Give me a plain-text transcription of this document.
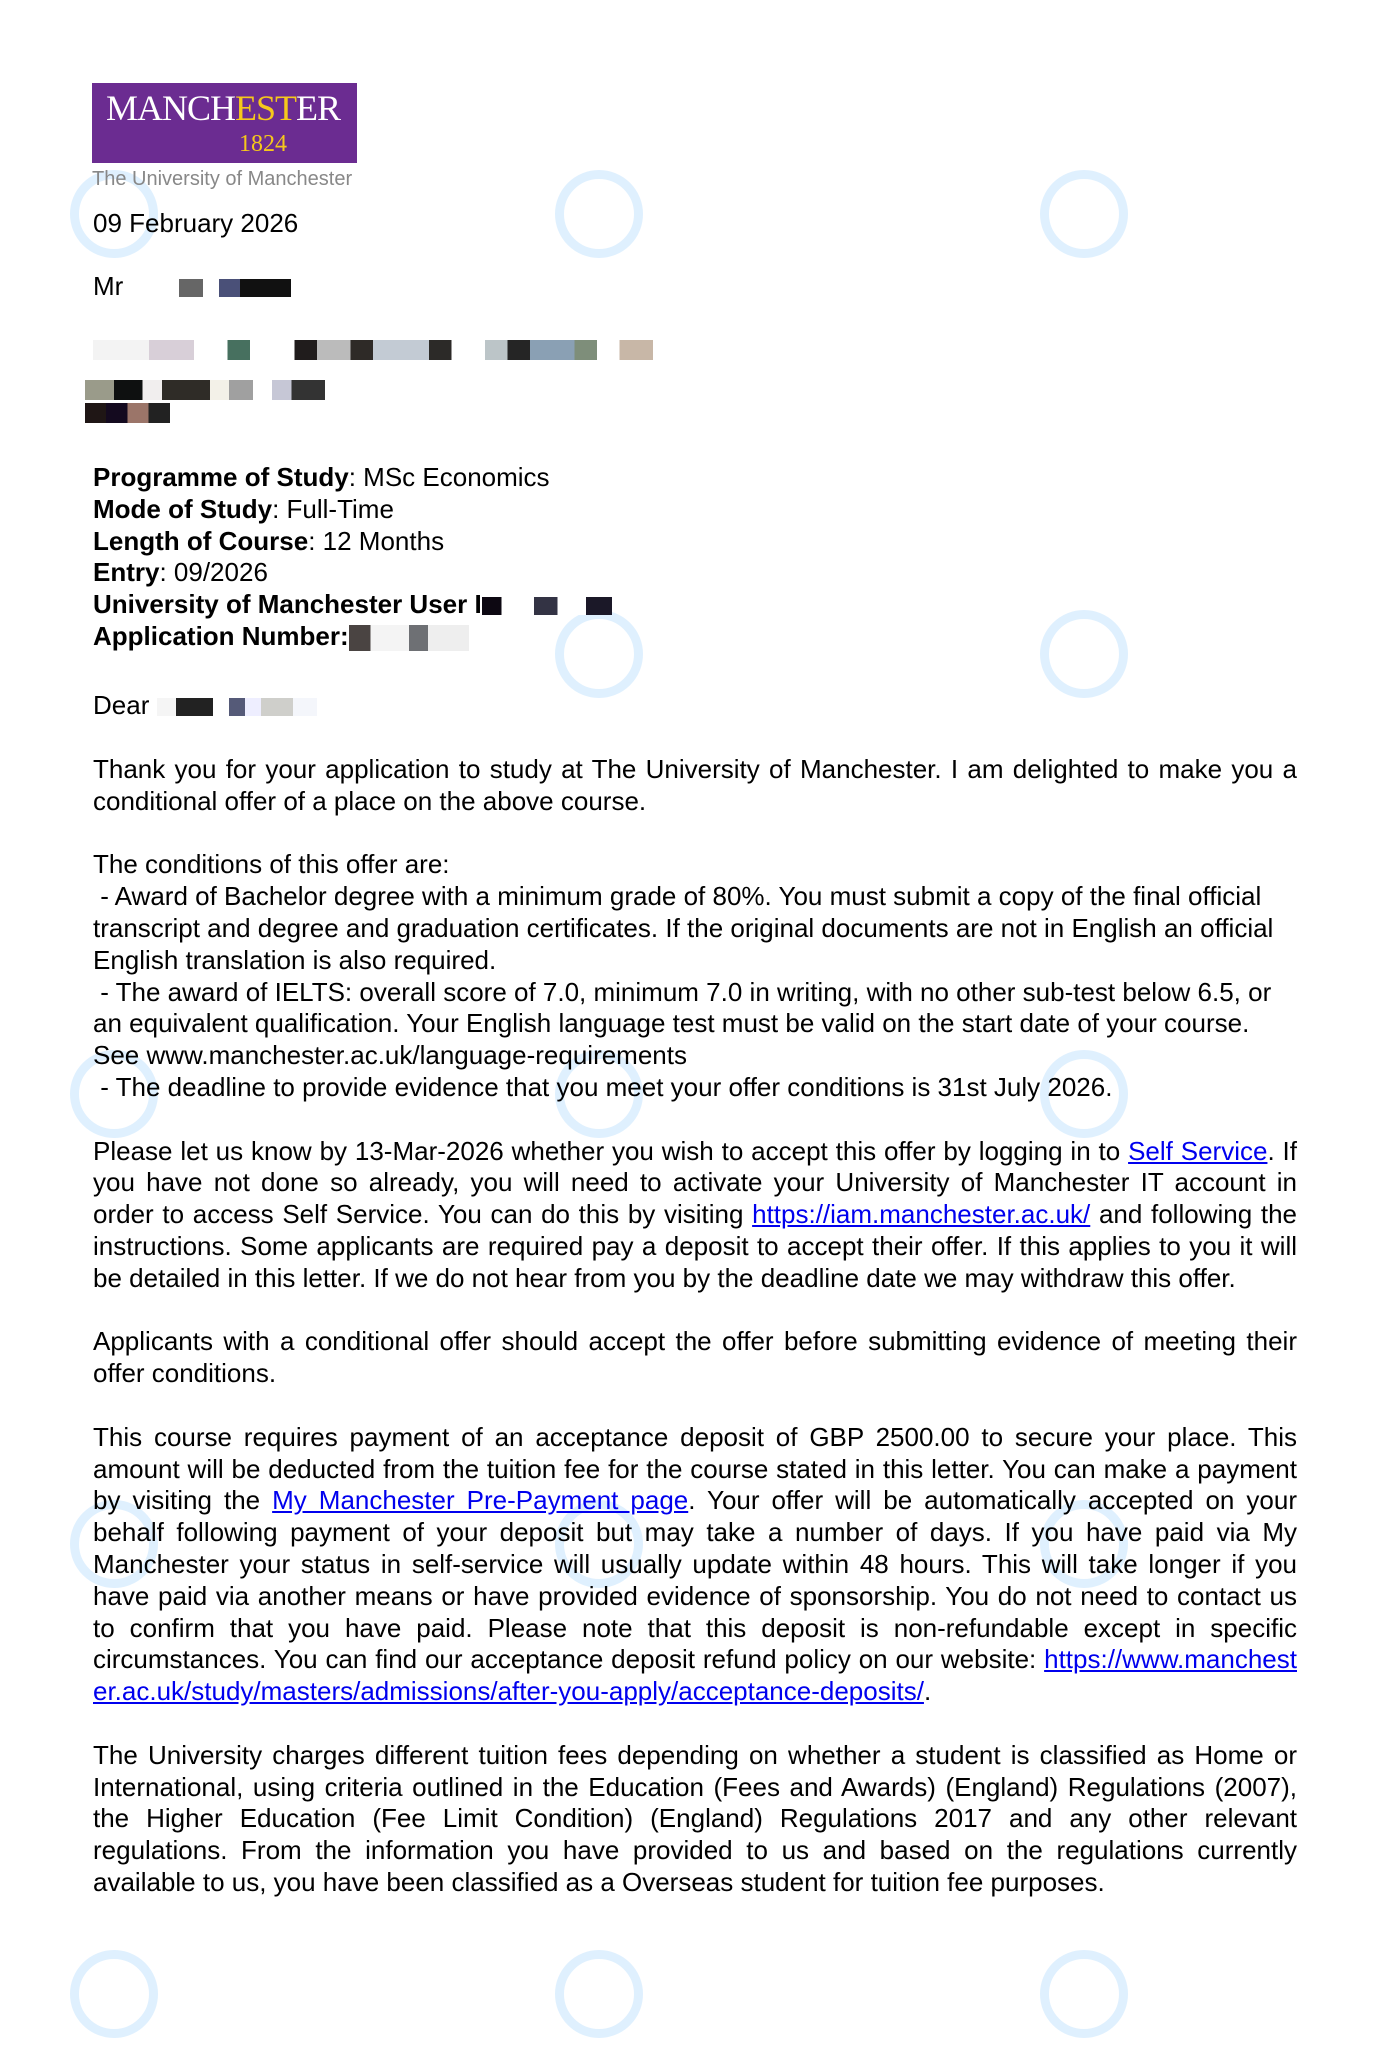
MANCHESTER
1824
The University of Manchester
09 February 2026
Mr
Programme of Study: MSc Economics
Mode of Study: Full-Time
Length of Course: 12 Months
Entry: 09/2026
University of Manchester User I
Application Number:
Dear

Thank you for your application to study at The University of Manchester. I am delighted to make you a conditional offer of a place on the above course.

The conditions of this offer are:
- Award of Bachelor degree with a minimum grade of 80%. You must submit a copy of the final official transcript and degree and graduation certificates. If the original documents are not in English an official English translation is also required.
- The award of IELTS: overall score of 7.0, minimum 7.0 in writing, with no other sub-test below 6.5, or an equivalent qualification. Your English language test must be valid on the start date of your course. See www.manchester.ac.uk/language-requirements
- The deadline to provide evidence that you meet your offer conditions is 31st July 2026.

Please let us know by 13-Mar-2026 whether you wish to accept this offer by logging in to Self Service. If you have not done so already, you will need to activate your University of Manchester IT account in order to access Self Service. You can do this by visiting https://iam.manchester.ac.uk/ and following the instructions. Some applicants are required pay a deposit to accept their offer. If this applies to you it will be detailed in this letter. If we do not hear from you by the deadline date we may withdraw this offer.

Applicants with a conditional offer should accept the offer before submitting evidence of meeting their offer conditions.

This course requires payment of an acceptance deposit of GBP 2500.00 to secure your place. This amount will be deducted from the tuition fee for the course stated in this letter. You can make a payment by visiting the My Manchester Pre-Payment page. Your offer will be automatically accepted on your behalf following payment of your deposit but may take a number of days. If you have paid via My Manchester your status in self-service will usually update within 48 hours. This will take longer if you have paid via another means or have provided evidence of sponsorship. You do not need to contact us to confirm that you have paid. Please note that this deposit is non-refundable except in specific circumstances. You can find our acceptance deposit refund policy on our website: https://www.manchester.ac.uk/study/masters/admissions/after-you-apply/acceptance-deposits/.

The University charges different tuition fees depending on whether a student is classified as Home or International, using criteria outlined in the Education (Fees and Awards) (England) Regulations (2007), the Higher Education (Fee Limit Condition) (England) Regulations 2017 and any other relevant regulations. From the information you have provided to us and based on the regulations currently available to us, you have been classified as a Overseas student for tuition fee purposes.
